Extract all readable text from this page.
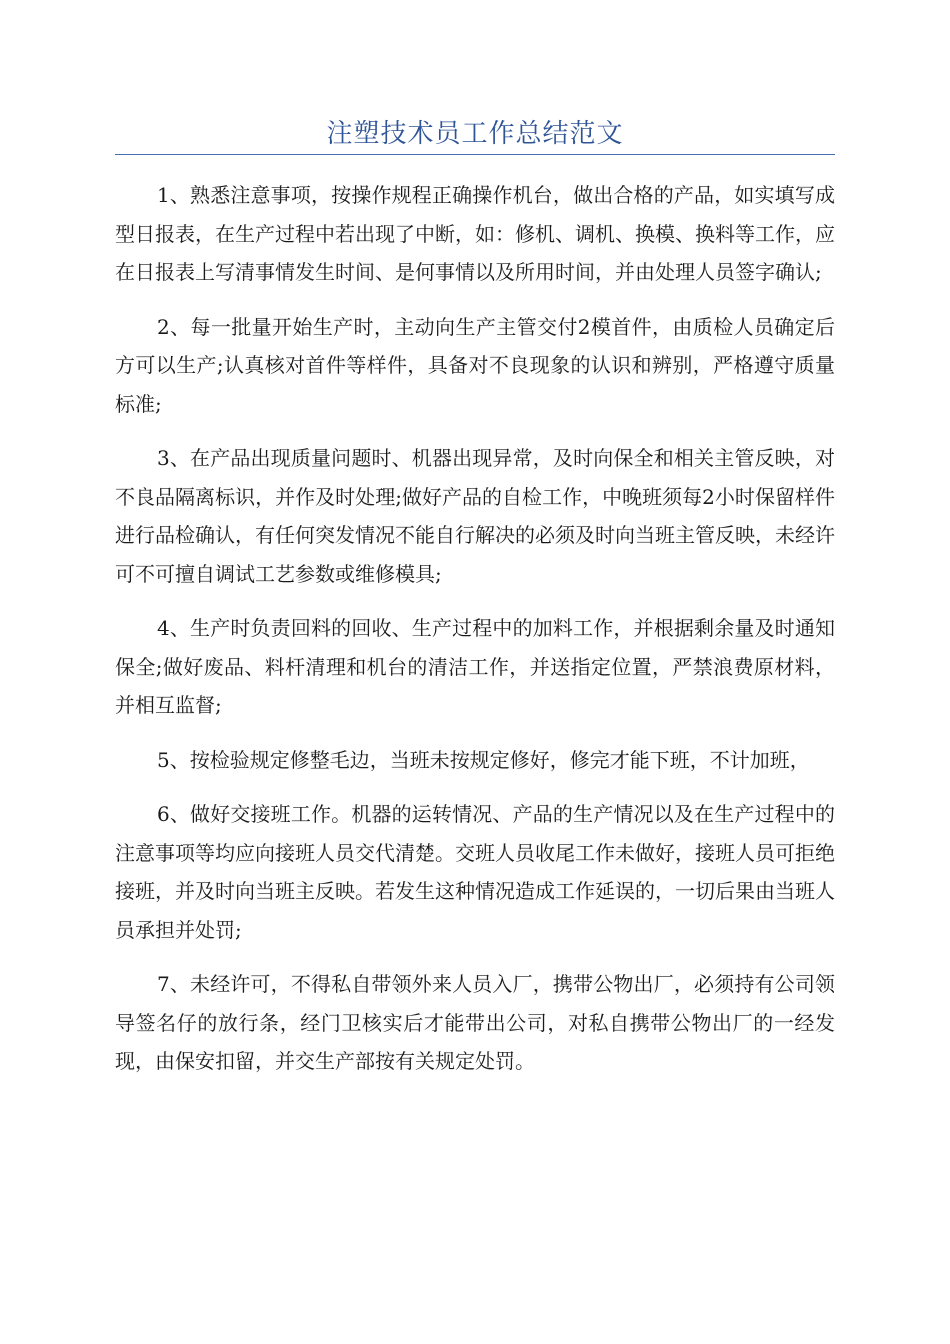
注塑技术员工作总结范文

1、熟悉注意事项，按操作规程正确操作机台，做出合格的产品，如实填写成型日报表，在生产过程中若出现了中断，如：修机、调机、换模、换料等工作，应在日报表上写清事情发生时间、是何事情以及所用时间，并由处理人员签字确认;

2、每一批量开始生产时，主动向生产主管交付2模首件，由质检人员确定后方可以生产;认真核对首件等样件，具备对不良现象的认识和辨别，严格遵守质量标准;

3、在产品出现质量问题时、机器出现异常，及时向保全和相关主管反映，对不良品隔离标识，并作及时处理;做好产品的自检工作，中晚班须每2小时保留样件进行品检确认，有任何突发情况不能自行解决的必须及时向当班主管反映，未经许可不可擅自调试工艺参数或维修模具;

4、生产时负责回料的回收、生产过程中的加料工作，并根据剩余量及时通知保全;做好废品、料杆清理和机台的清洁工作，并送指定位置，严禁浪费原材料，并相互监督;

5、按检验规定修整毛边，当班未按规定修好，修完才能下班，不计加班，

6、做好交接班工作。机器的运转情况、产品的生产情况以及在生产过程中的注意事项等均应向接班人员交代清楚。交班人员收尾工作未做好，接班人员可拒绝接班，并及时向当班主反映。若发生这种情况造成工作延误的，一切后果由当班人员承担并处罚;

7、未经许可，不得私自带领外来人员入厂，携带公物出厂，必须持有公司领导签名仔的放行条，经门卫核实后才能带出公司，对私自携带公物出厂的一经发现，由保安扣留，并交生产部按有关规定处罚。
